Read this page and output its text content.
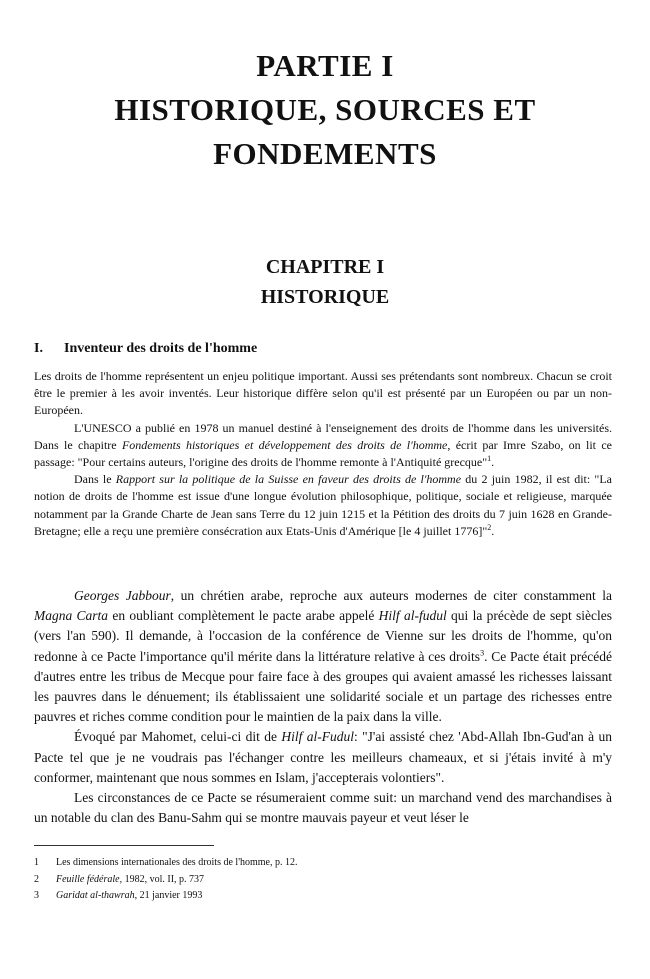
PARTIE I
HISTORIQUE, SOURCES ET
FONDEMENTS
CHAPITRE I
HISTORIQUE
I. Inventeur des droits de l'homme

Les droits de l'homme représentent un enjeu politique important. Aussi ses prétendants sont nombreux. Chacun se croit être le premier à les avoir inventés. Leur historique diffère selon qu'il est présenté par un Européen ou par un non-Européen.

L'UNESCO a publié en 1978 un manuel destiné à l'enseignement des droits de l'homme dans les universités. Dans le chapitre Fondements historiques et développement des droits de l'homme, écrit par Imre Szabo, on lit ce passage: "Pour certains auteurs, l'origine des droits de l'homme remonte à l'Antiquité grecque"$^1$.

Dans le Rapport sur la politique de la Suisse en faveur des droits de l'homme du 2 juin 1982, il est dit: "La notion de droits de l'homme est issue d'une longue évolution philosophique, politique, sociale et religieuse, marquée notamment par la Grande Charte de Jean sans Terre du 12 juin 1215 et la Pétition des droits du 7 juin 1628 en Grande-Bretagne; elle a reçu une première consécration aux Etats-Unis d'Amérique [le 4 juillet 1776]"$^2$.

Georges Jabbour, un chrétien arabe, reproche aux auteurs modernes de citer constamment la Magna Carta en oubliant complètement le pacte arabe appelé Hilf al-fudul qui la précède de sept siècles (vers l'an 590). Il demande, à l'occasion de la conférence de Vienne sur les droits de l'homme, qu'on redonne à ce Pacte l'importance qu'il mérite dans la littérature relative à ces droits$^3$. Ce Pacte était précédé d'autres entre les tribus de Mecque pour faire face à des groupes qui avaient amassé les richesses laissant les pauvres dans le dénuement; ils établissaient une solidarité sociale et un partage des richesses entre pauvres et riches comme condition pour le maintien de la paix dans la ville.

Évoqué par Mahomet, celui-ci dit de Hilf al-Fudul: "J'ai assisté chez 'Abd-Allah Ibn-Gud'an à un Pacte tel que je ne voudrais pas l'échanger contre les meilleurs chameaux, et si j'étais invité à m'y conformer, maintenant que nous sommes en Islam, j'accepterais volontiers".

Les circonstances de ce Pacte se résumeraient comme suit: un marchand vend des marchandises à un notable du clan des Banu-Sahm qui se montre mauvais payeur et veut léser le

1 Les dimensions internationales des droits de l'homme, p. 12.
2 Feuille fédérale, 1982, vol. II, p. 737
3 Garidat al-thawrah, 21 janvier 1993
